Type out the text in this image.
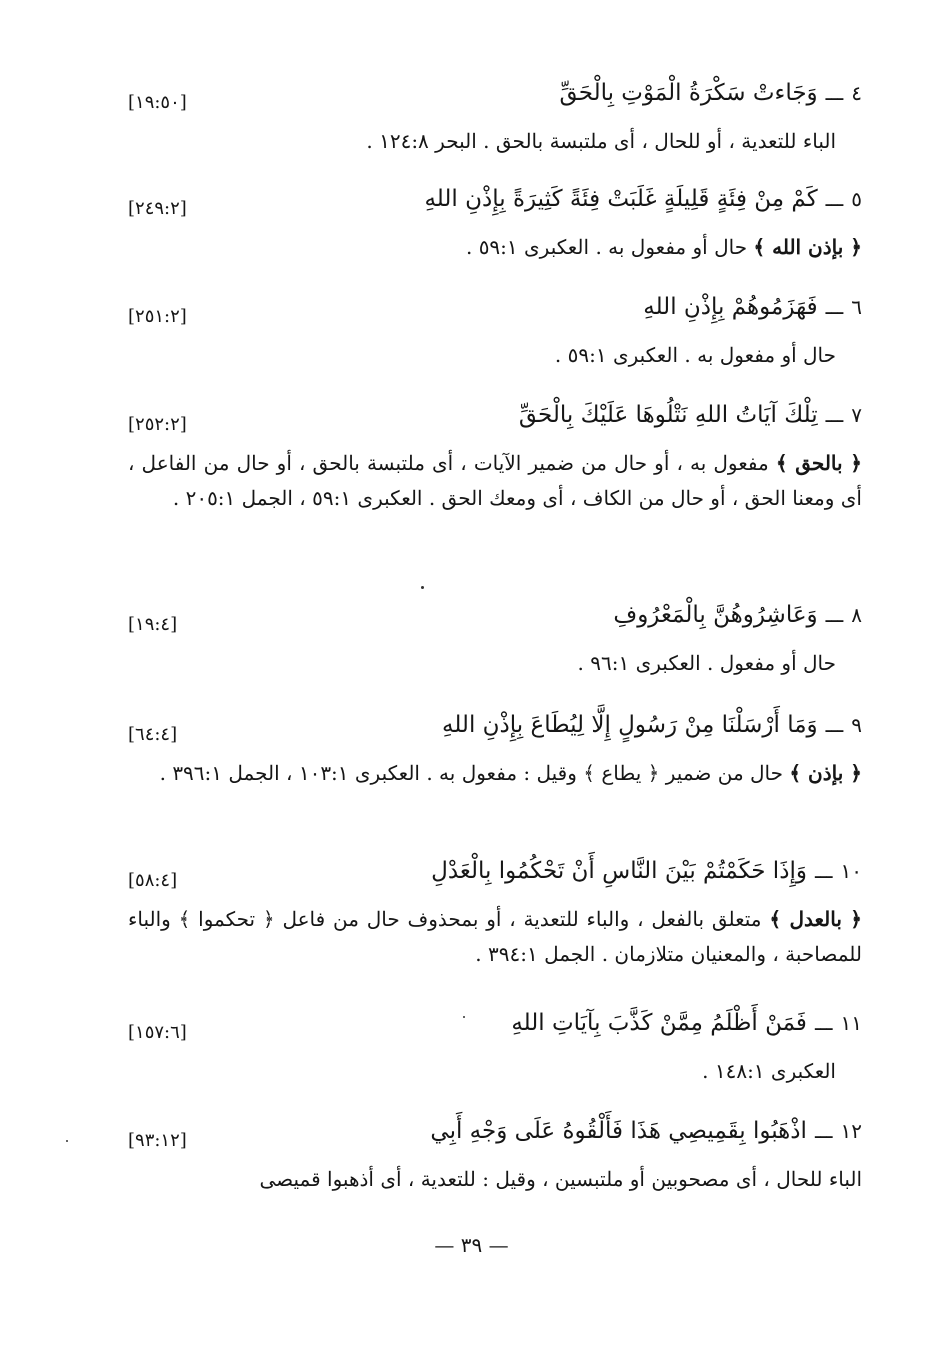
٤ـــوَجَاءتْ سَكْرَةُ الْمَوْتِ بِالْحَقِّ
[١٩:٥٠]
الباء للتعدية ، أو للحال ، أى ملتبسة بالحق . البحر ١٢٤:٨ .
٥ـــكَمْ مِنْ فِئَةٍ قَلِيلَةٍ غَلَبَتْ فِئَةً كَثِيرَةً بِإِذْنِ اللهِ
[٢٤٩:٢]
﴿ بإذن الله ﴾ حال أو مفعول به . العكبرى ٥٩:١ .
٦ـــفَهَزَمُوهُمْ بِإِذْنِ اللهِ
[٢٥١:٢]
حال أو مفعول به . العكبرى ٥٩:١ .
٧ـــتِلْكَ آيَاتُ اللهِ نَتْلُوهَا عَلَيْكَ بِالْحَقِّ
[٢٥٢:٢]
﴿ بالحق ﴾ مفعول به ، أو حال من ضمير الآيات ، أى ملتبسة بالحق ، أو حال من الفاعل ، أى ومعنا الحق ، أو حال من الكاف ، أى ومعك الحق . العكبرى ٥٩:١ ، الجمل ٢٠٥:١ .
٨ـــوَعَاشِرُوهُنَّ بِالْمَعْرُوفِ
[١٩:٤]
حال أو مفعول . العكبرى ٩٦:١ .
٩ـــوَمَا أَرْسَلْنَا مِنْ رَسُولٍ إِلَّا لِيُطَاعَ بِإِذْنِ اللهِ
[٦٤:٤]
﴿ بإذن ﴾ حال من ضمير ﴿ يطاع ﴾ وقيل : مفعول به . العكبرى ١٠٣:١ ، الجمل ٣٩٦:١ .
١٠ـــوَإِذَا حَكَمْتُمْ بَيْنَ النَّاسِ أَنْ تَحْكُمُوا بِالْعَدْلِ
[٥٨:٤]
﴿ بالعدل ﴾ متعلق بالفعل ، والباء للتعدية ، أو بمحذوف حال من فاعل ﴿ تحكموا ﴾ والباء للمصاحبة ، والمعنيان متلازمان . الجمل ٣٩٤:١ .
١١ـــفَمَنْ أَظْلَمُ مِمَّنْ كَذَّبَ بِآيَاتِ اللهِ
[١٥٧:٦]
العكبرى ١٤٨:١ .
١٢ـــاذْهَبُوا بِقَمِيصِي هَذَا فَأَلْقُوهُ عَلَى وَجْهِ أَبِي
[٩٣:١٢]
الباء للحال ، أى مصحوبين أو ملتبسين ، وقيل : للتعدية ، أى أذهبوا قميصى
— ٣٩ —
